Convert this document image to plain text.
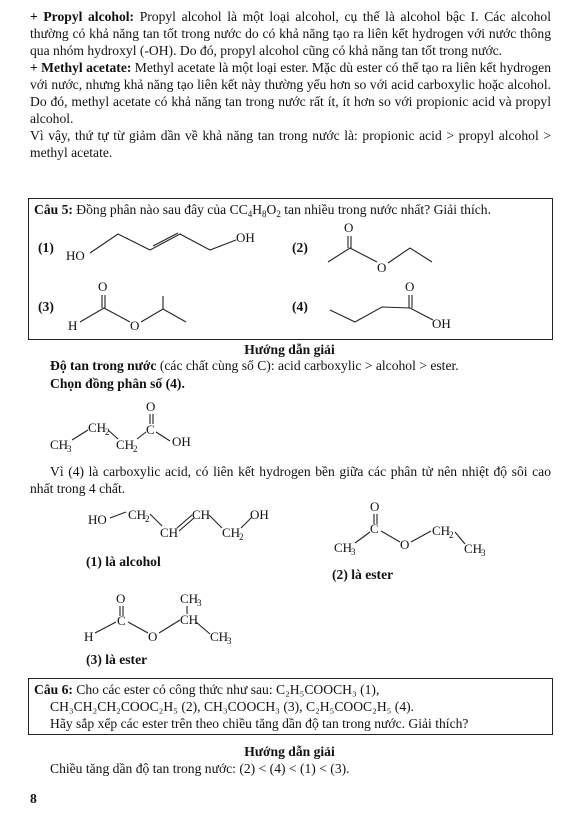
+ Propyl alcohol: Propyl alcohol là một loại alcohol, cụ thể là alcohol bậc I. Các alcohol thường có khả năng tan tốt trong nước do có khả năng tạo ra liên kết hydrogen với nước thông qua nhóm hydroxyl (-OH). Do đó, propyl alcohol cũng có khả năng tan tốt trong nước.

+ Methyl acetate: Methyl acetate là một loại ester. Mặc dù ester có thể tạo ra liên kết hydrogen với nước, nhưng khả năng tạo liên kết này thường yếu hơn so với acid carboxylic hoặc alcohol. Do đó, methyl acetate có khả năng tan trong nước rất ít, ít hơn so với propionic acid và propyl alcohol.

Vì vậy, thứ tự từ giảm dần về khả năng tan trong nước là: propionic acid > propyl alcohol > methyl acetate.

Câu 5: Đồng phân nào sau đây của $CC_4H_8O_2$ tan nhiều trong nước nhất? Giải thích.
(1)	(2)
(3)	(4)
HO
OH
O
O
O
H	O
O
OH
Hướng dẫn giải
Độ tan trong nước (các chất cùng số C): acid carboxylic > alcohol > ester.
Chọn đồng phân số (4).
O
C
CH
2
CH
3	CH
2	OH
Vì (4) là carboxylic acid, có liên kết hydrogen bền giữa các phân tử nên nhiệt độ sôi cao nhất trong 4 chất.
HO CH
2
CH
CH
CH
2
OH
O
C
CH
3	O
CH
2
CH
3
O
C
H	O
CH
3
CH
CH
3
(1) là alcohol
(2) là ester
(3) là ester
Câu 6: Cho các ester có công thức như sau: C₂H₅COOCH₃ (1),
CH₃CH₂CH₂COOC₂H₅ (2), CH₃COOCH₃ (3), C₂H₅COOC₂H₅ (4).
Hãy sắp xếp các ester trên theo chiều tăng dần độ tan trong nước. Giải thích?
Hướng dẫn giải
Chiều tăng dần độ tan trong nước: (2) < (4) < (1) < (3).
8
